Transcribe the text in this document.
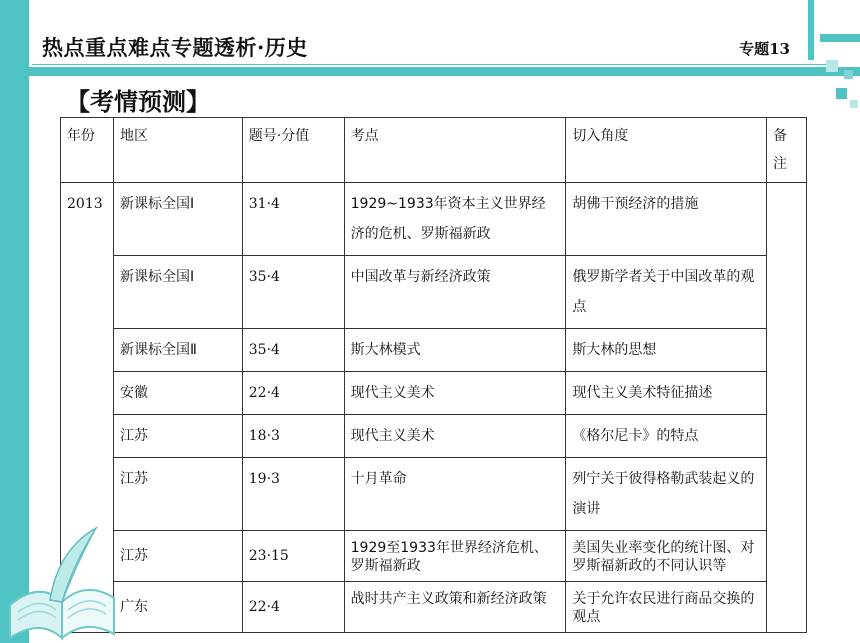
热点重点难点专题透析·历史	专题13
【考情预测】
年份	地区	题号·分值	考点	切入角度	备注
2013	新课标全国Ⅰ	31·4	1929~1933年资本主义世界经济的危机、罗斯福新政	胡佛干预经济的措施	
	新课标全国Ⅰ	35·4	中国改革与新经济政策	俄罗斯学者关于中国改革的观点	
	新课标全国Ⅱ	35·4	斯大林模式	斯大林的思想	
	安徽	22·4	现代主义美术	现代主义美术特征描述	
	江苏	18·3	现代主义美术	《格尔尼卡》的特点	
	江苏	19·3	十月革命	列宁关于彼得格勒武装起义的演讲	
	江苏	23·15	1929至1933年世界经济危机、罗斯福新政	美国失业率变化的统计图、对罗斯福新政的不同认识等	
	广东	22·4	战时共产主义政策和新经济政策	关于允许农民进行商品交换的观点	
